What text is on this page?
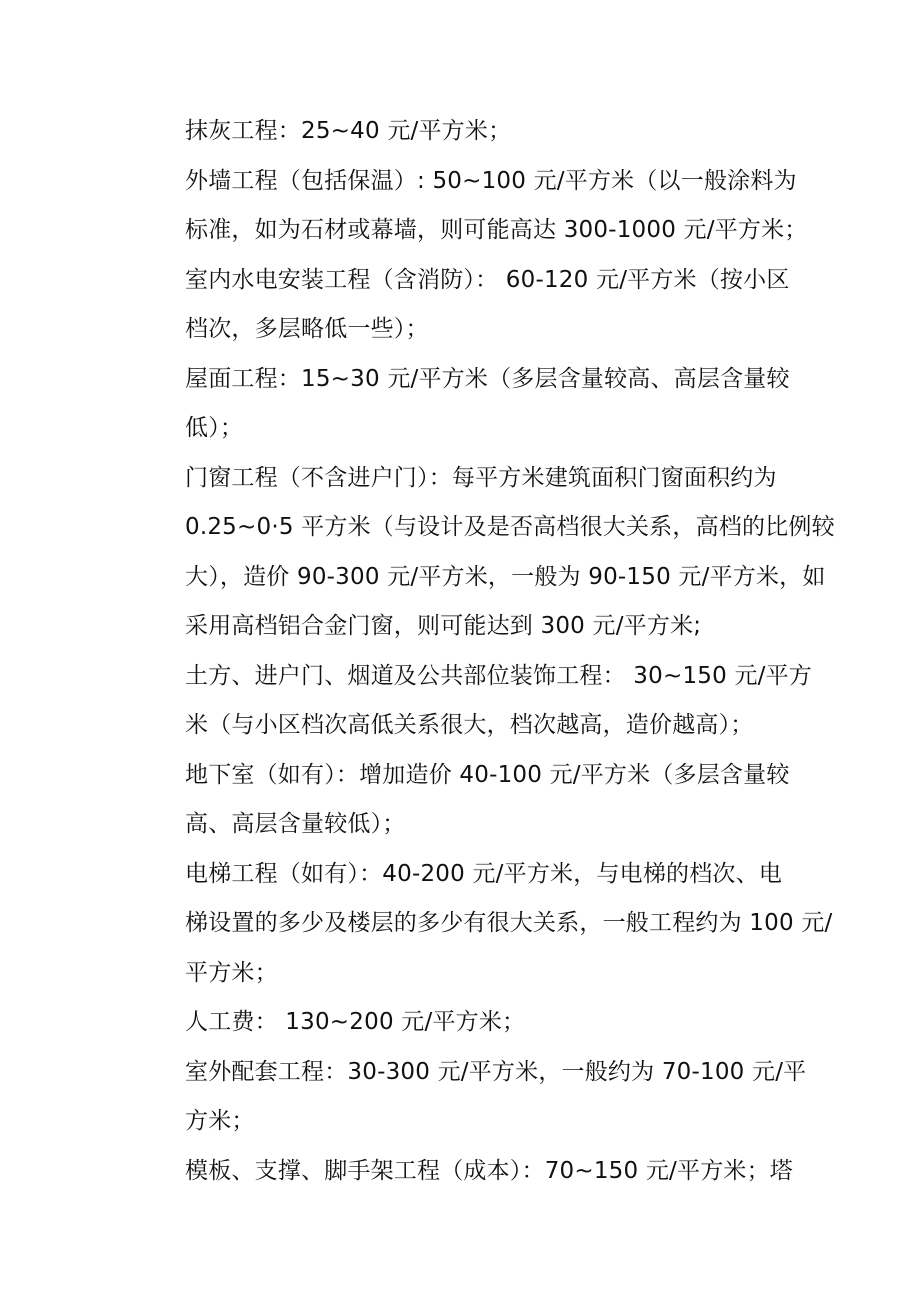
抹灰工程：25~40 元/平方米；

外墙工程（包括保温）: 50~100 元/平方米（以一般涂料为
标准，如为石材或幕墙，则可能高达 300-1000 元/平方米；

室内水电安装工程（含消防）： 60-120 元/平方米（按小区
档次，多层略低一些）；

屋面工程：15~30 元/平方米（多层含量较高、高层含量较
低）；

门窗工程（不含进户门）：每平方米建筑面积门窗面积约为
0.25~0·5 平方米（与设计及是否高档很大关系，高档的比例较
大），造价 90-300 元/平方米，一般为 90-150 元/平方米，如
采用高档铝合金门窗，则可能达到 300 元/平方米;

土方、进户门、烟道及公共部位装饰工程： 30~150 元/平方
米（与小区档次高低关系很大，档次越高，造价越高）；

地下室（如有）：增加造价 40-100 元/平方米（多层含量较
高、高层含量较低）；

电梯工程（如有）：40-200 元/平方米，与电梯的档次、电
梯设置的多少及楼层的多少有很大关系，一般工程约为 100 元/
平方米；

人工费： 130~200 元/平方米；

室外配套工程：30-300 元/平方米，一般约为 70-100 元/平
方米；

模板、支撑、脚手架工程（成本）：70~150 元/平方米；塔
